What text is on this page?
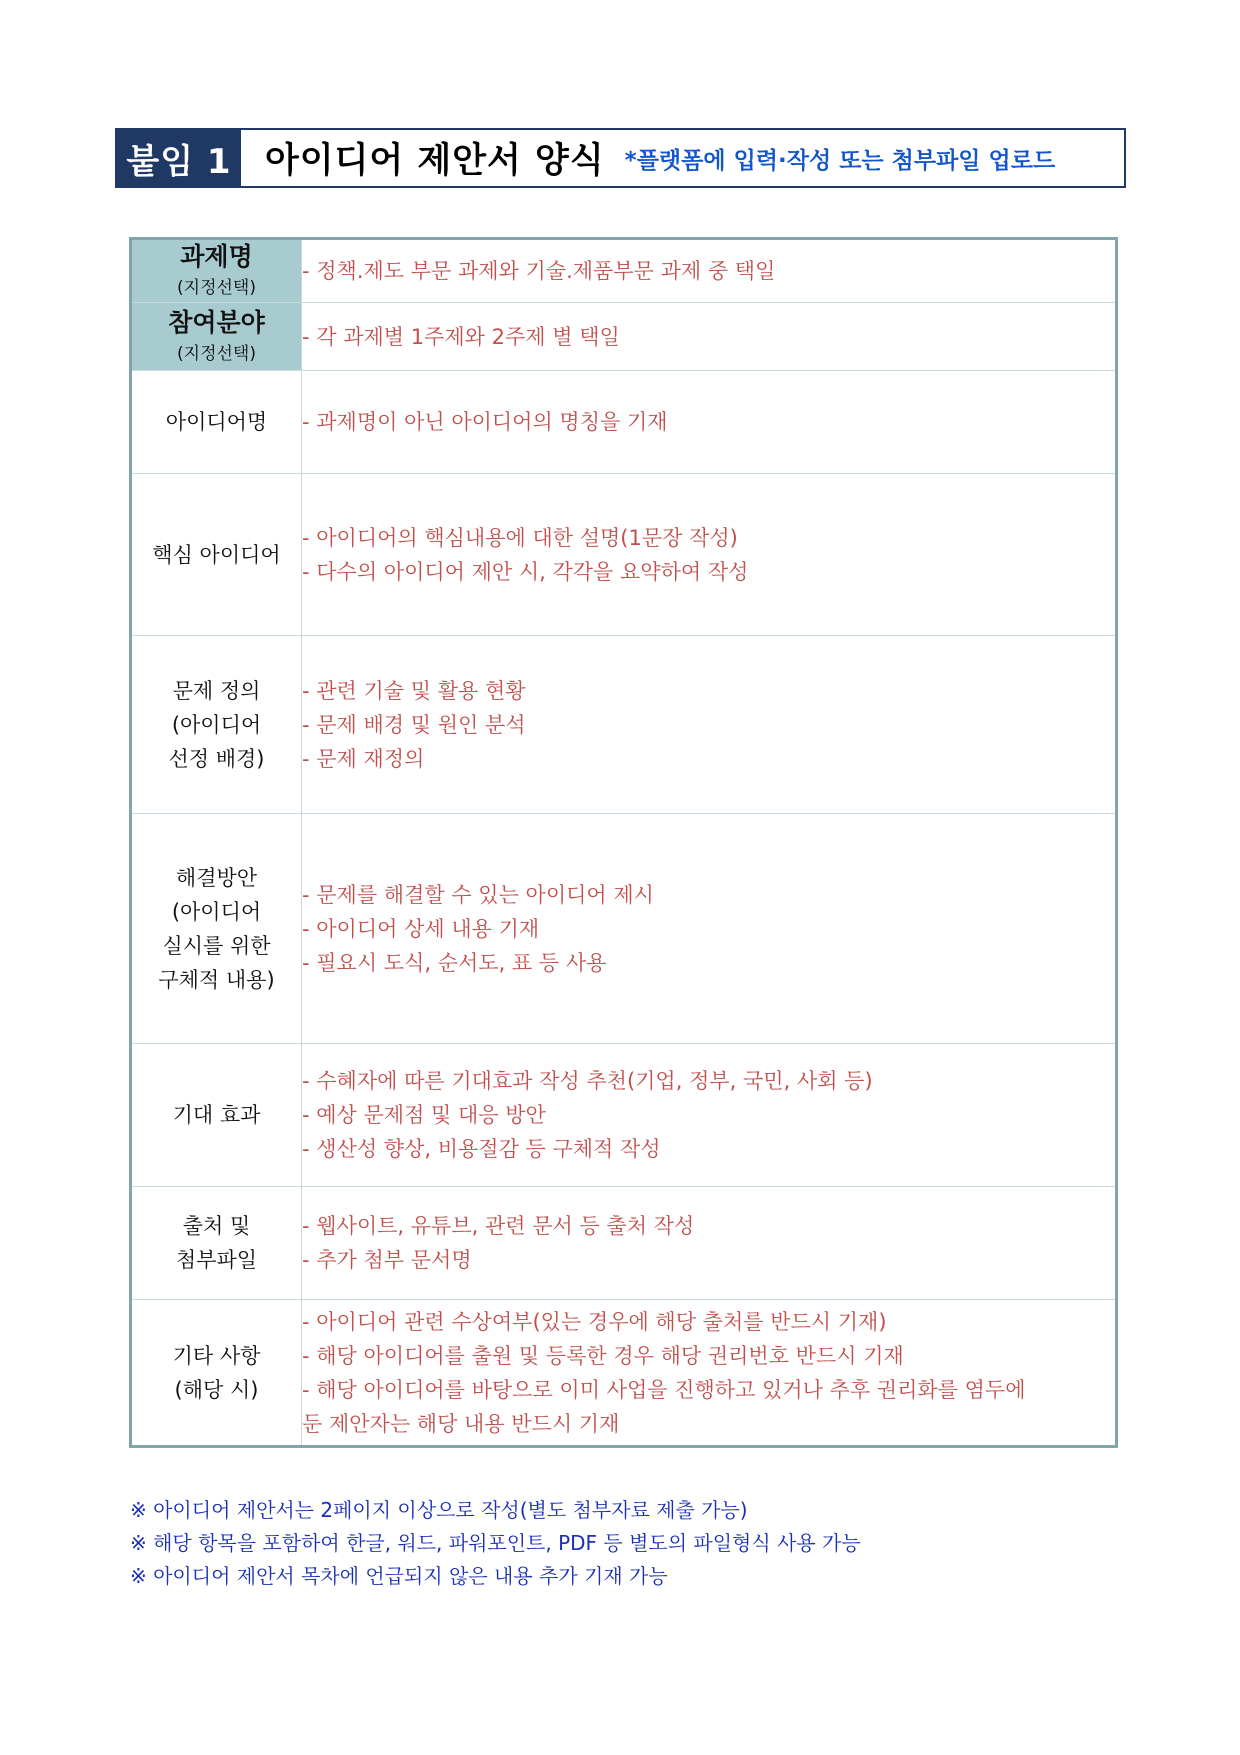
붙임 1 아이디어 제안서 양식 *플랫폼에 입력·작성 또는 첨부파일 업로드
과제명
(지정선택)	- 정책.제도 부문 과제와 기술.제품부문 과제 중 택일

참여분야
(지정선택)	- 각 과제별 1주제와 2주제 별 택일

아이디어명	- 과제명이 아닌 아이디어의 명칭을 기재

핵심 아이디어	- 아이디어의 핵심내용에 대한 설명(1문장 작성)
- 다수의 아이디어 제안 시, 각각을 요약하여 작성

문제 정의
(아이디어
선정 배경)	- 관련 기술 및 활용 현황
- 문제 배경 및 원인 분석
- 문제 재정의

해결방안
(아이디어
실시를 위한
구체적 내용)	- 문제를 해결할 수 있는 아이디어 제시
- 아이디어 상세 내용 기재
- 필요시 도식, 순서도, 표 등 사용

기대 효과	- 수혜자에 따른 기대효과 작성 추천(기업, 정부, 국민, 사회 등)
- 예상 문제점 및 대응 방안
- 생산성 향상, 비용절감 등 구체적 작성

출처 및
첨부파일	- 웹사이트, 유튜브, 관련 문서 등 출처 작성
- 추가 첨부 문서명

기타 사항
(해당 시)	- 아이디어 관련 수상여부(있는 경우에 해당 출처를 반드시 기재)
- 해당 아이디어를 출원 및 등록한 경우 해당 권리번호 반드시 기재
- 해당 아이디어를 바탕으로 이미 사업을 진행하고 있거나 추후 권리화를 염두에
둔 제안자는 해당 내용 반드시 기재
※ 아이디어 제안서는 2페이지 이상으로 작성(별도 첨부자료 제출 가능)
※ 해당 항목을 포함하여 한글, 워드, 파워포인트, PDF 등 별도의 파일형식 사용 가능
※ 아이디어 제안서 목차에 언급되지 않은 내용 추가 기재 가능
